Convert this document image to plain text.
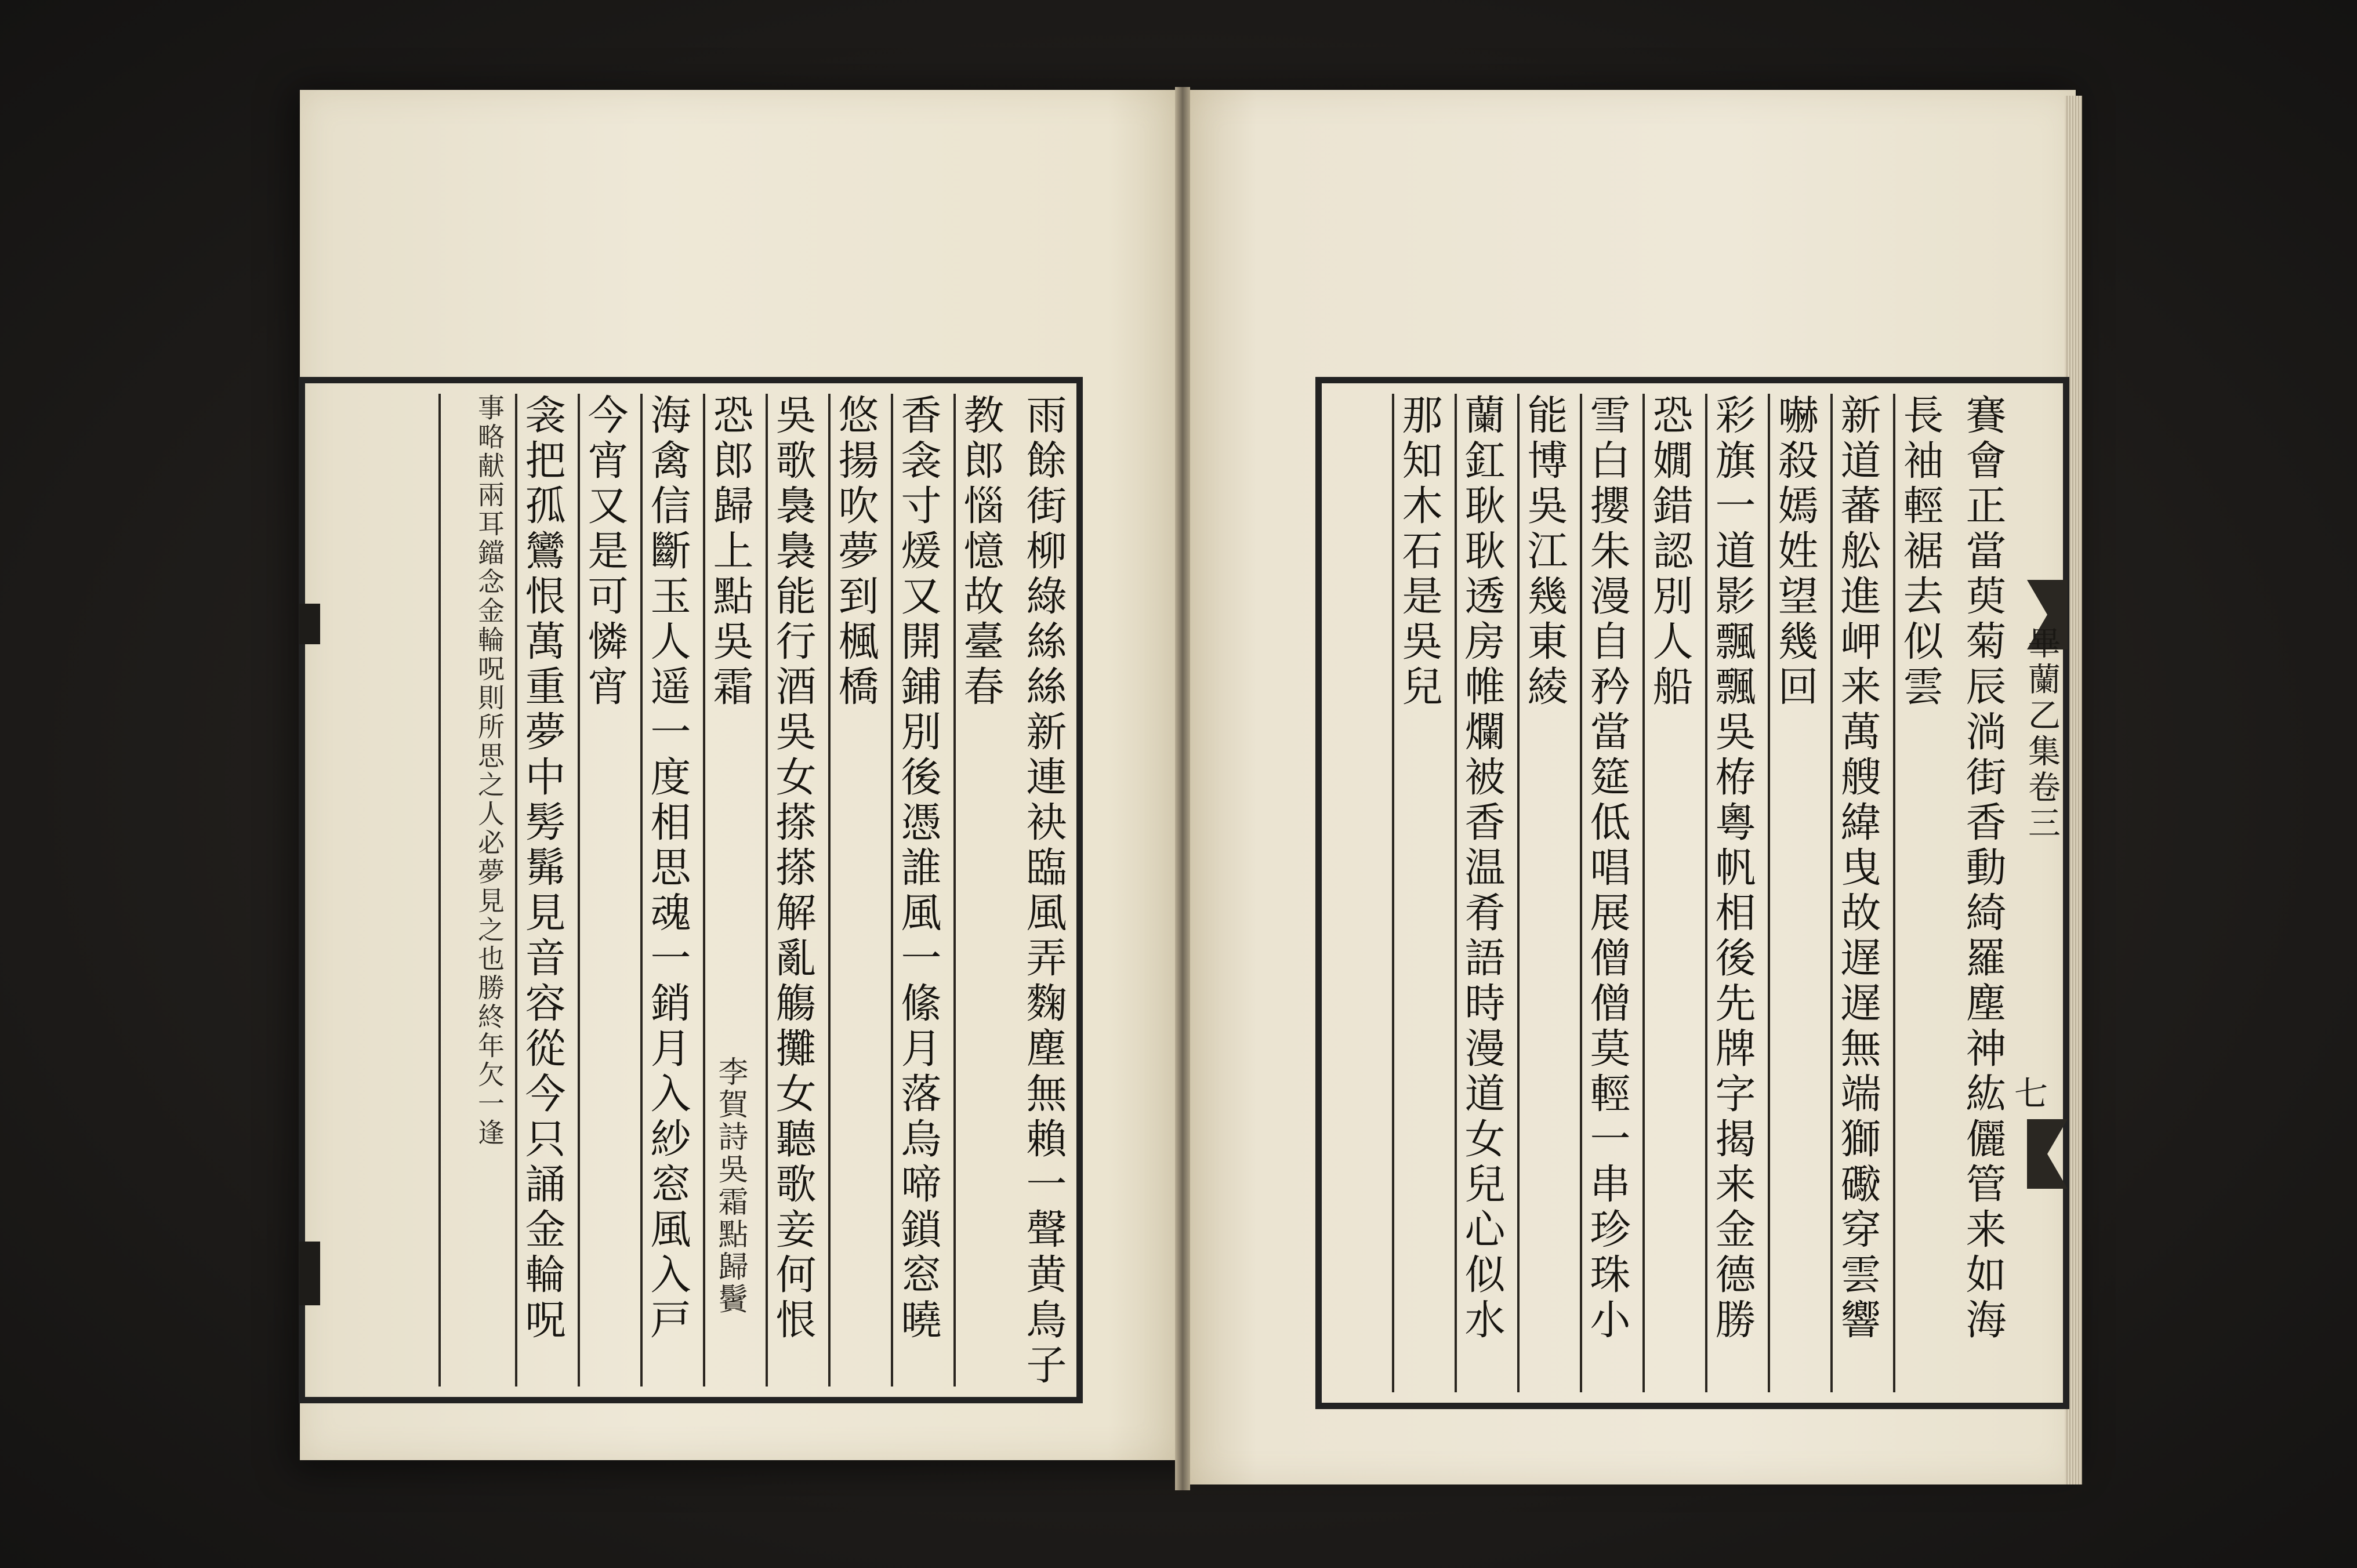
雨餘街柳綠絲絲新連袂臨風弄麴塵無賴一聲黄鳥子
教郎惱憶故臺春
香衾寸煖又開鋪別後憑誰風一絛月落烏啼鎖窓曉
悠揚吹夢到楓橋
吳歌裊裊能行酒吳女搽搽解亂觴攤女聽歌妾何恨
恐郎歸上點吳霜
李賀詩吳霜點歸鬢
海禽信斷玉人遥一度相思魂一銷月入紗窓風入戸
今宵又是可憐宵
衾把孤鸞恨萬重夢中髣髴見音容從今只誦金輪呪
事略献兩耳鐺念金輪呪則所思之人必夢見之也勝終年欠一逢	賽會正當萸菊辰淌街香動綺羅塵神紘儷管来如海
長袖輕裾去似雲
新道蕃舩進岬来萬艘緯曳故遅遅無端獅礮穿雲響
嚇殺嫣姓望幾回
彩旗一道影飄飄吳栫粵帆相後先牌字揭来金德勝
恐嫺錯認別人船
雪白攖朱漫自矜當筵低唱展僧僧莫輕一串珍珠小
能博吳江幾東綾
蘭釭耿耿透房帷爛被香温肴語時漫道女兒心似水
那知木石是吳兒
畢蘭乙集卷三
七
